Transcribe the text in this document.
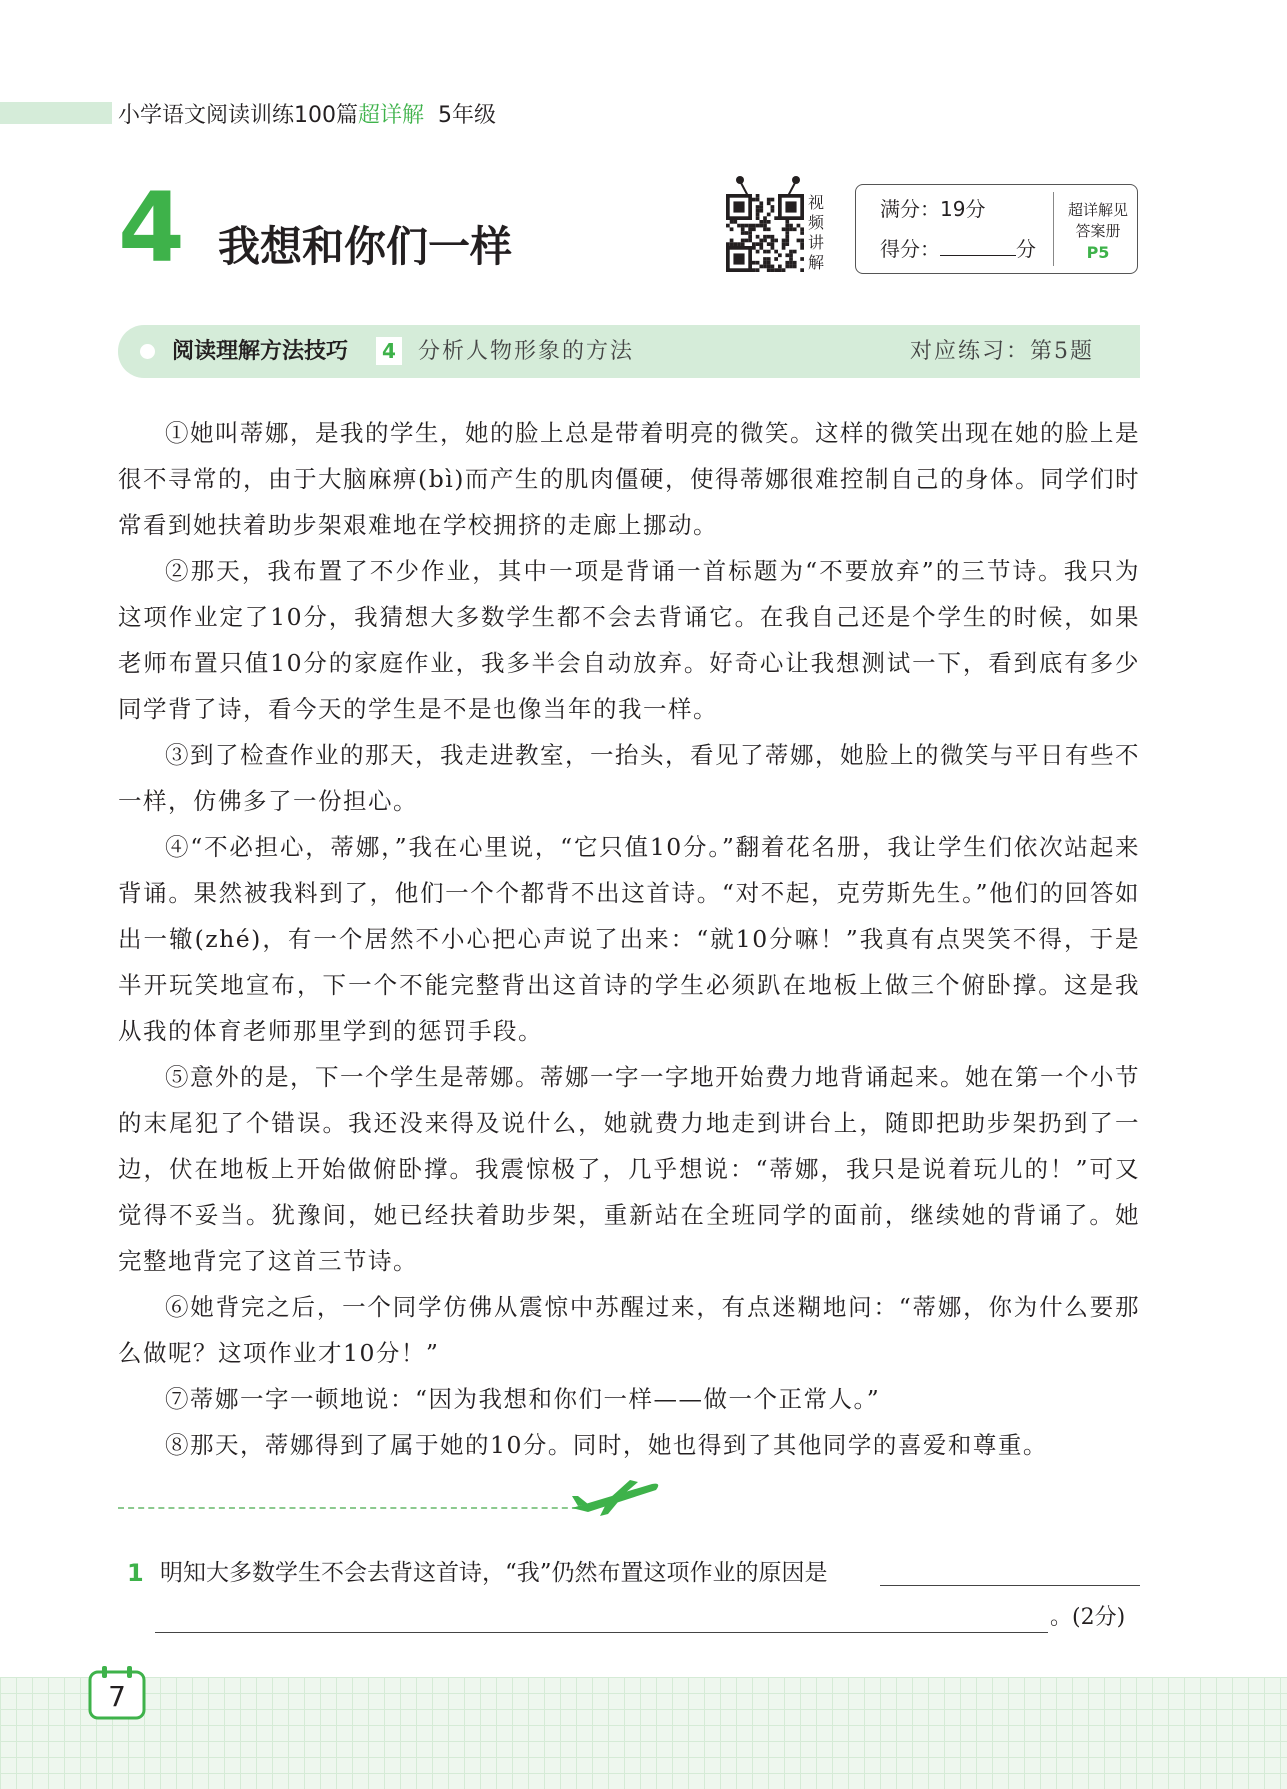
小学语文阅读训练100篇超详解 5年级
4 我想和你们一样
视频讲解
满分：19分
得分：	分
超详解见
答案册
P5
阅读理解方法技巧	4 分析人物形象的方法	对应练习：第5题

①她叫蒂娜，是我的学生，她的脸上总是带着明亮的微笑。这样的微笑出现在她的脸上是很不寻常的，由于大脑麻痹(bì)而产生的肌肉僵硬，使得蒂娜很难控制自己的身体。同学们时常看到她扶着助步架艰难地在学校拥挤的走廊上挪动。

②那天，我布置了不少作业，其中一项是背诵一首标题为“不要放弃”的三节诗。我只为这项作业定了10分，我猜想大多数学生都不会去背诵它。在我自己还是个学生的时候，如果老师布置只值10分的家庭作业，我多半会自动放弃。好奇心让我想测试一下，看到底有多少同学背了诗，看今天的学生是不是也像当年的我一样。

③到了检查作业的那天，我走进教室，一抬头，看见了蒂娜，她脸上的微笑与平日有些不一样，仿佛多了一份担心。

④“不必担心，蒂娜，”我在心里说，“它只值10分。”翻着花名册，我让学生们依次站起来背诵。果然被我料到了，他们一个个都背不出这首诗。“对不起，克劳斯先生。”他们的回答如出一辙(zhé)，有一个居然不小心把心声说了出来：“就10分嘛！”我真有点哭笑不得，于是半开玩笑地宣布，下一个不能完整背出这首诗的学生必须趴在地板上做三个俯卧撑。这是我从我的体育老师那里学到的惩罚手段。

⑤意外的是，下一个学生是蒂娜。蒂娜一字一字地开始费力地背诵起来。她在第一个小节的末尾犯了个错误。我还没来得及说什么，她就费力地走到讲台上，随即把助步架扔到了一边，伏在地板上开始做俯卧撑。我震惊极了，几乎想说：“蒂娜，我只是说着玩儿的！”可又觉得不妥当。犹豫间，她已经扶着助步架，重新站在全班同学的面前，继续她的背诵了。她完整地背完了这首三节诗。

⑥她背完之后，一个同学仿佛从震惊中苏醒过来，有点迷糊地问：“蒂娜，你为什么要那么做呢？这项作业才10分！”

⑦蒂娜一字一顿地说：“因为我想和你们一样——做一个正常人。”

⑧那天，蒂娜得到了属于她的10分。同时，她也得到了其他同学的喜爱和尊重。

1 明知大多数学生不会去背这首诗，“我”仍然布置这项作业的原因是
。(2分)
7
